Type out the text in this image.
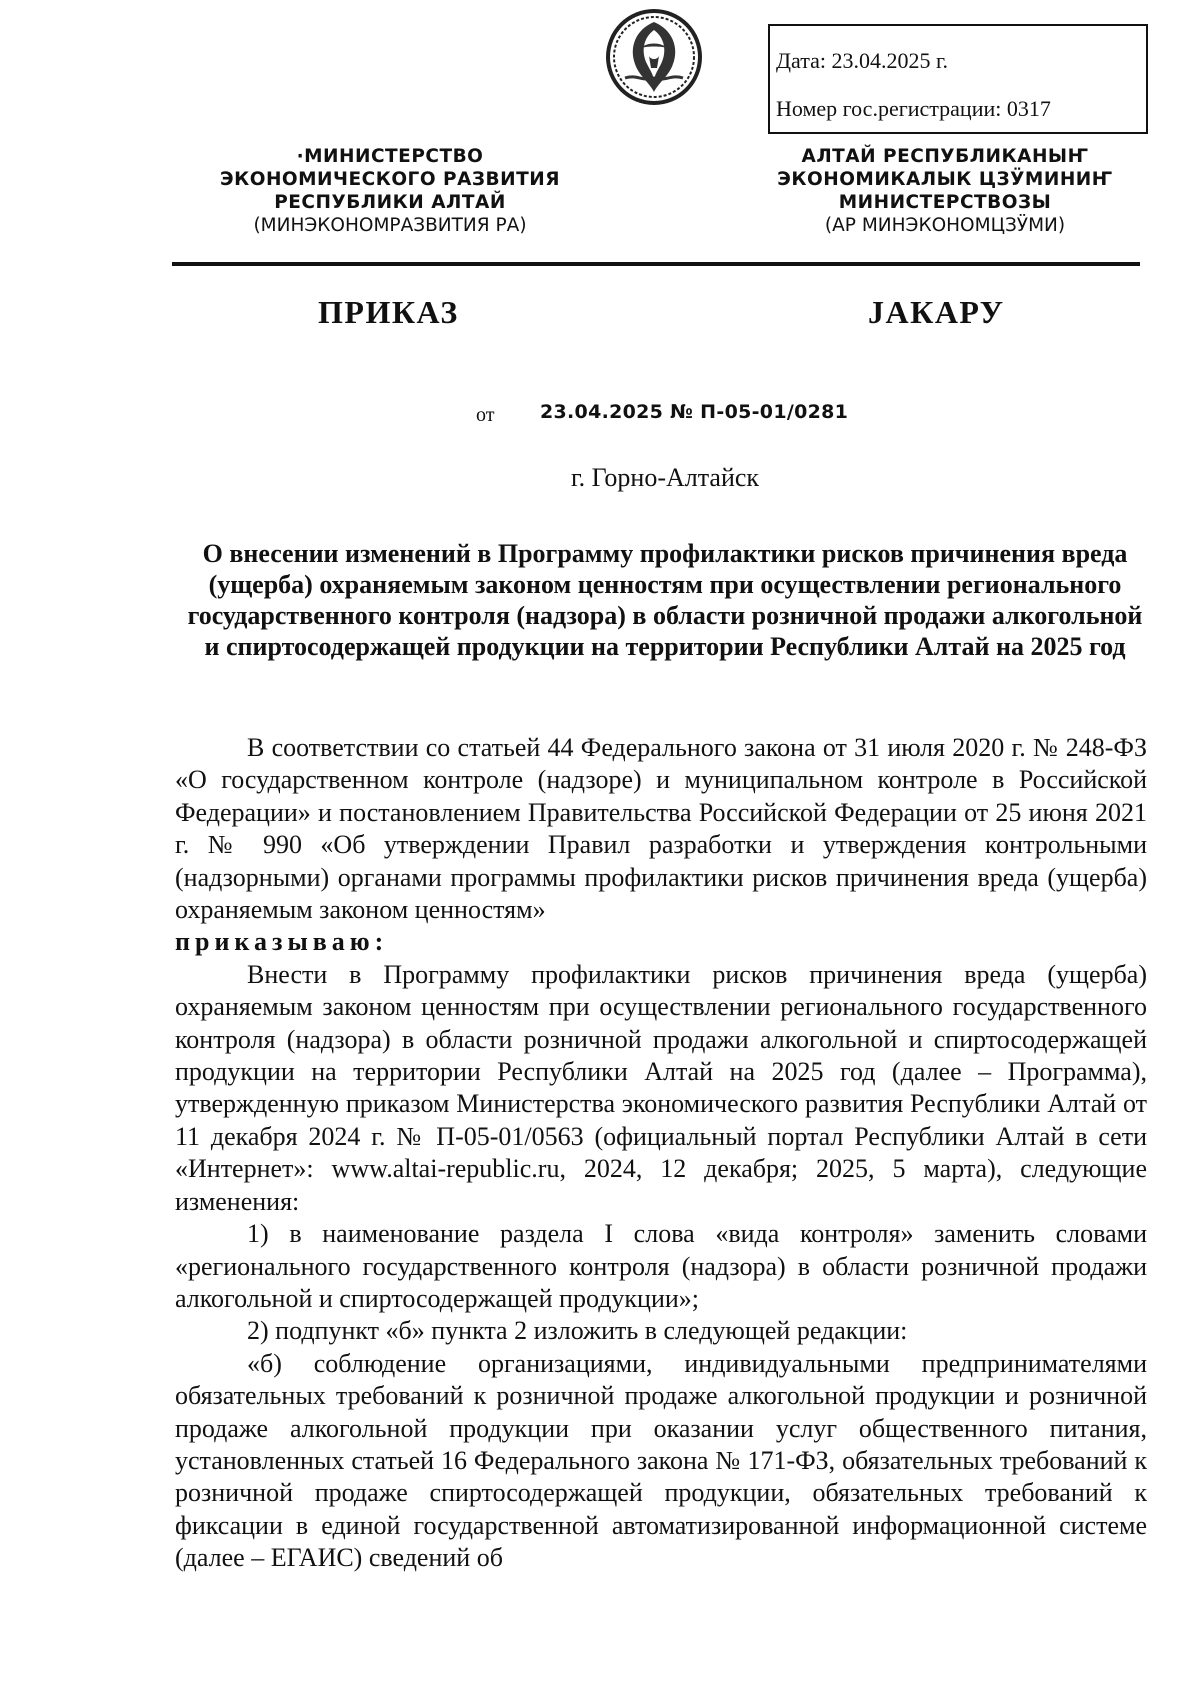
Дата: 23.04.2025 г.
Номер гос.регистрации: 0317
·МИНИСТЕРСТВО
ЭКОНОМИЧЕСКОГО РАЗВИТИЯ
РЕСПУБЛИКИ АЛТАЙ
(МИНЭКОНОМРАЗВИТИЯ РА)
АЛТАЙ РЕСПУБЛИКАНЫҤ
ЭКОНОМИКАЛЫК ЦЗӰМИНИҤ
МИНИСТЕРСТВОЗЫ
(АР МИНЭКОНОМЦЗӰМИ)
ПРИКАЗ	JАКАРУ
от 23.04.2025 № П-05-01/0281
г. Горно-Алтайск
О внесении изменений в Программу профилактики рисков причинения вреда (ущерба) охраняемым законом ценностям при осуществлении регионального государственного контроля (надзора) в области розничной продажи алкогольной и спиртосодержащей продукции на территории Республики Алтай на 2025 год

В соответствии со статьей 44 Федерального закона от 31 июля 2020 г. № 248-ФЗ «О государственном контроле (надзоре) и муниципальном контроле в Российской Федерации» и постановлением Правительства Российской Федерации от 25 июня 2021 г. № 990 «Об утверждении Правил разработки и утверждения контрольными (надзорными) органами программы профилактики рисков причинения вреда (ущерба) охраняемым законом ценностям»

приказываю:

Внести в Программу профилактики рисков причинения вреда (ущерба) охраняемым законом ценностям при осуществлении регионального государственного контроля (надзора) в области розничной продажи алкогольной и спиртосодержащей продукции на территории Республики Алтай на 2025 год (далее – Программа), утвержденную приказом Министерства экономического развития Республики Алтай от 11 декабря 2024 г. № П-05-01/0563 (официальный портал Республики Алтай в сети «Интернет»: www.altai-republic.ru, 2024, 12 декабря; 2025, 5 марта), следующие изменения:

1) в наименование раздела I слова «вида контроля» заменить словами «регионального государственного контроля (надзора) в области розничной продажи алкогольной и спиртосодержащей продукции»;

2) подпункт «б» пункта 2 изложить в следующей редакции:

«б) соблюдение организациями, индивидуальными предпринимателями обязательных требований к розничной продаже алкогольной продукции и розничной продаже алкогольной продукции при оказании услуг общественного питания, установленных статьей 16 Федерального закона № 171-ФЗ, обязательных требований к розничной продаже спиртосодержащей продукции, обязательных требований к фиксации в единой государственной автоматизированной информационной системе (далее – ЕГАИС) сведений об
